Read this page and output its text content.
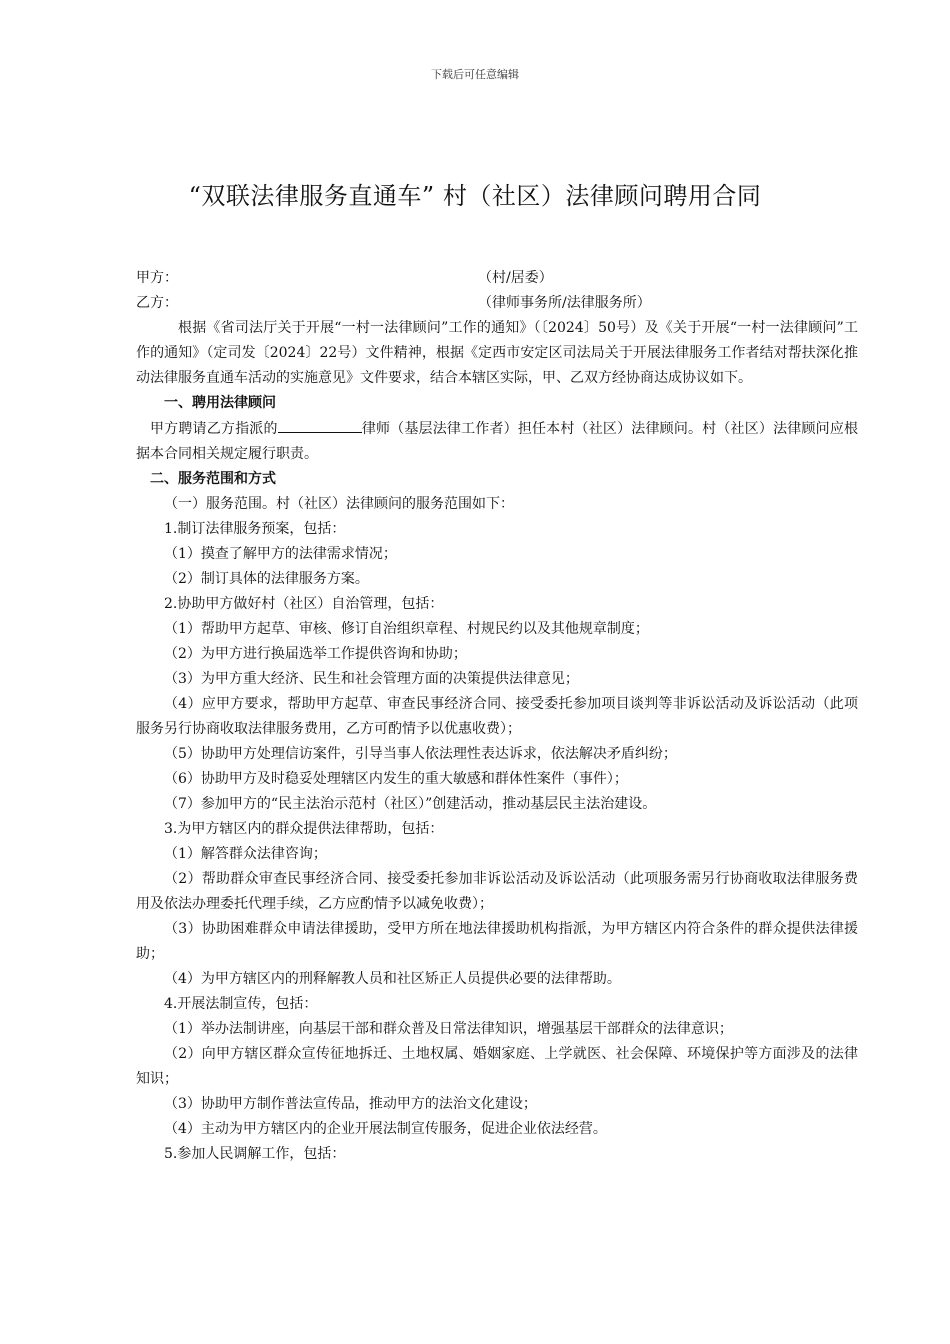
下载后可任意编辑
“双联法律服务直通车” 村（社区）法律顾问聘用合同
甲方：	（村/居委）
乙方：	（律师事务所/法律服务所）

根据《省司法厅关于开展“一村一法律顾问”工作的通知》（〔2024〕50号）及《关于开展“一村一法律顾问”工作的通知》（定司发〔2024〕22号）文件精神，根据《定西市安定区司法局关于开展法律服务工作者结对帮扶深化推动法律服务直通车活动的实施意见》文件要求，结合本辖区实际，甲、乙双方经协商达成协议如下。

一、聘用法律顾问

甲方聘请乙方指派的	律师（基层法律工作者）担任本村（社区）法律顾问。村（社区）法律顾问应根据本合同相关规定履行职责。

二、服务范围和方式

（一）服务范围。村（社区）法律顾问的服务范围如下：

1.制订法律服务预案，包括：

（1）摸查了解甲方的法律需求情况；

（2）制订具体的法律服务方案。

2.协助甲方做好村（社区）自治管理，包括：

（1）帮助甲方起草、审核、修订自治组织章程、村规民约以及其他规章制度；

（2）为甲方进行换届选举工作提供咨询和协助；

（3）为甲方重大经济、民生和社会管理方面的决策提供法律意见；

（4）应甲方要求，帮助甲方起草、审查民事经济合同、接受委托参加项目谈判等非诉讼活动及诉讼活动（此项服务另行协商收取法律服务费用，乙方可酌情予以优惠收费）；

（5）协助甲方处理信访案件，引导当事人依法理性表达诉求，依法解决矛盾纠纷；

（6）协助甲方及时稳妥处理辖区内发生的重大敏感和群体性案件（事件）；

（7）参加甲方的“民主法治示范村（社区）”创建活动，推动基层民主法治建设。

3.为甲方辖区内的群众提供法律帮助，包括：

（1）解答群众法律咨询；

（2）帮助群众审查民事经济合同、接受委托参加非诉讼活动及诉讼活动（此项服务需另行协商收取法律服务费用及依法办理委托代理手续，乙方应酌情予以减免收费）；

（3）协助困难群众申请法律援助，受甲方所在地法律援助机构指派，为甲方辖区内符合条件的群众提供法律援助；

（4）为甲方辖区内的刑释解教人员和社区矫正人员提供必要的法律帮助。

4.开展法制宣传，包括：

（1）举办法制讲座，向基层干部和群众普及日常法律知识，增强基层干部群众的法律意识；

（2）向甲方辖区群众宣传征地拆迁、土地权属、婚姻家庭、上学就医、社会保障、环境保护等方面涉及的法律知识；

（3）协助甲方制作普法宣传品，推动甲方的法治文化建设；

（4）主动为甲方辖区内的企业开展法制宣传服务，促进企业依法经营。

5.参加人民调解工作，包括：
